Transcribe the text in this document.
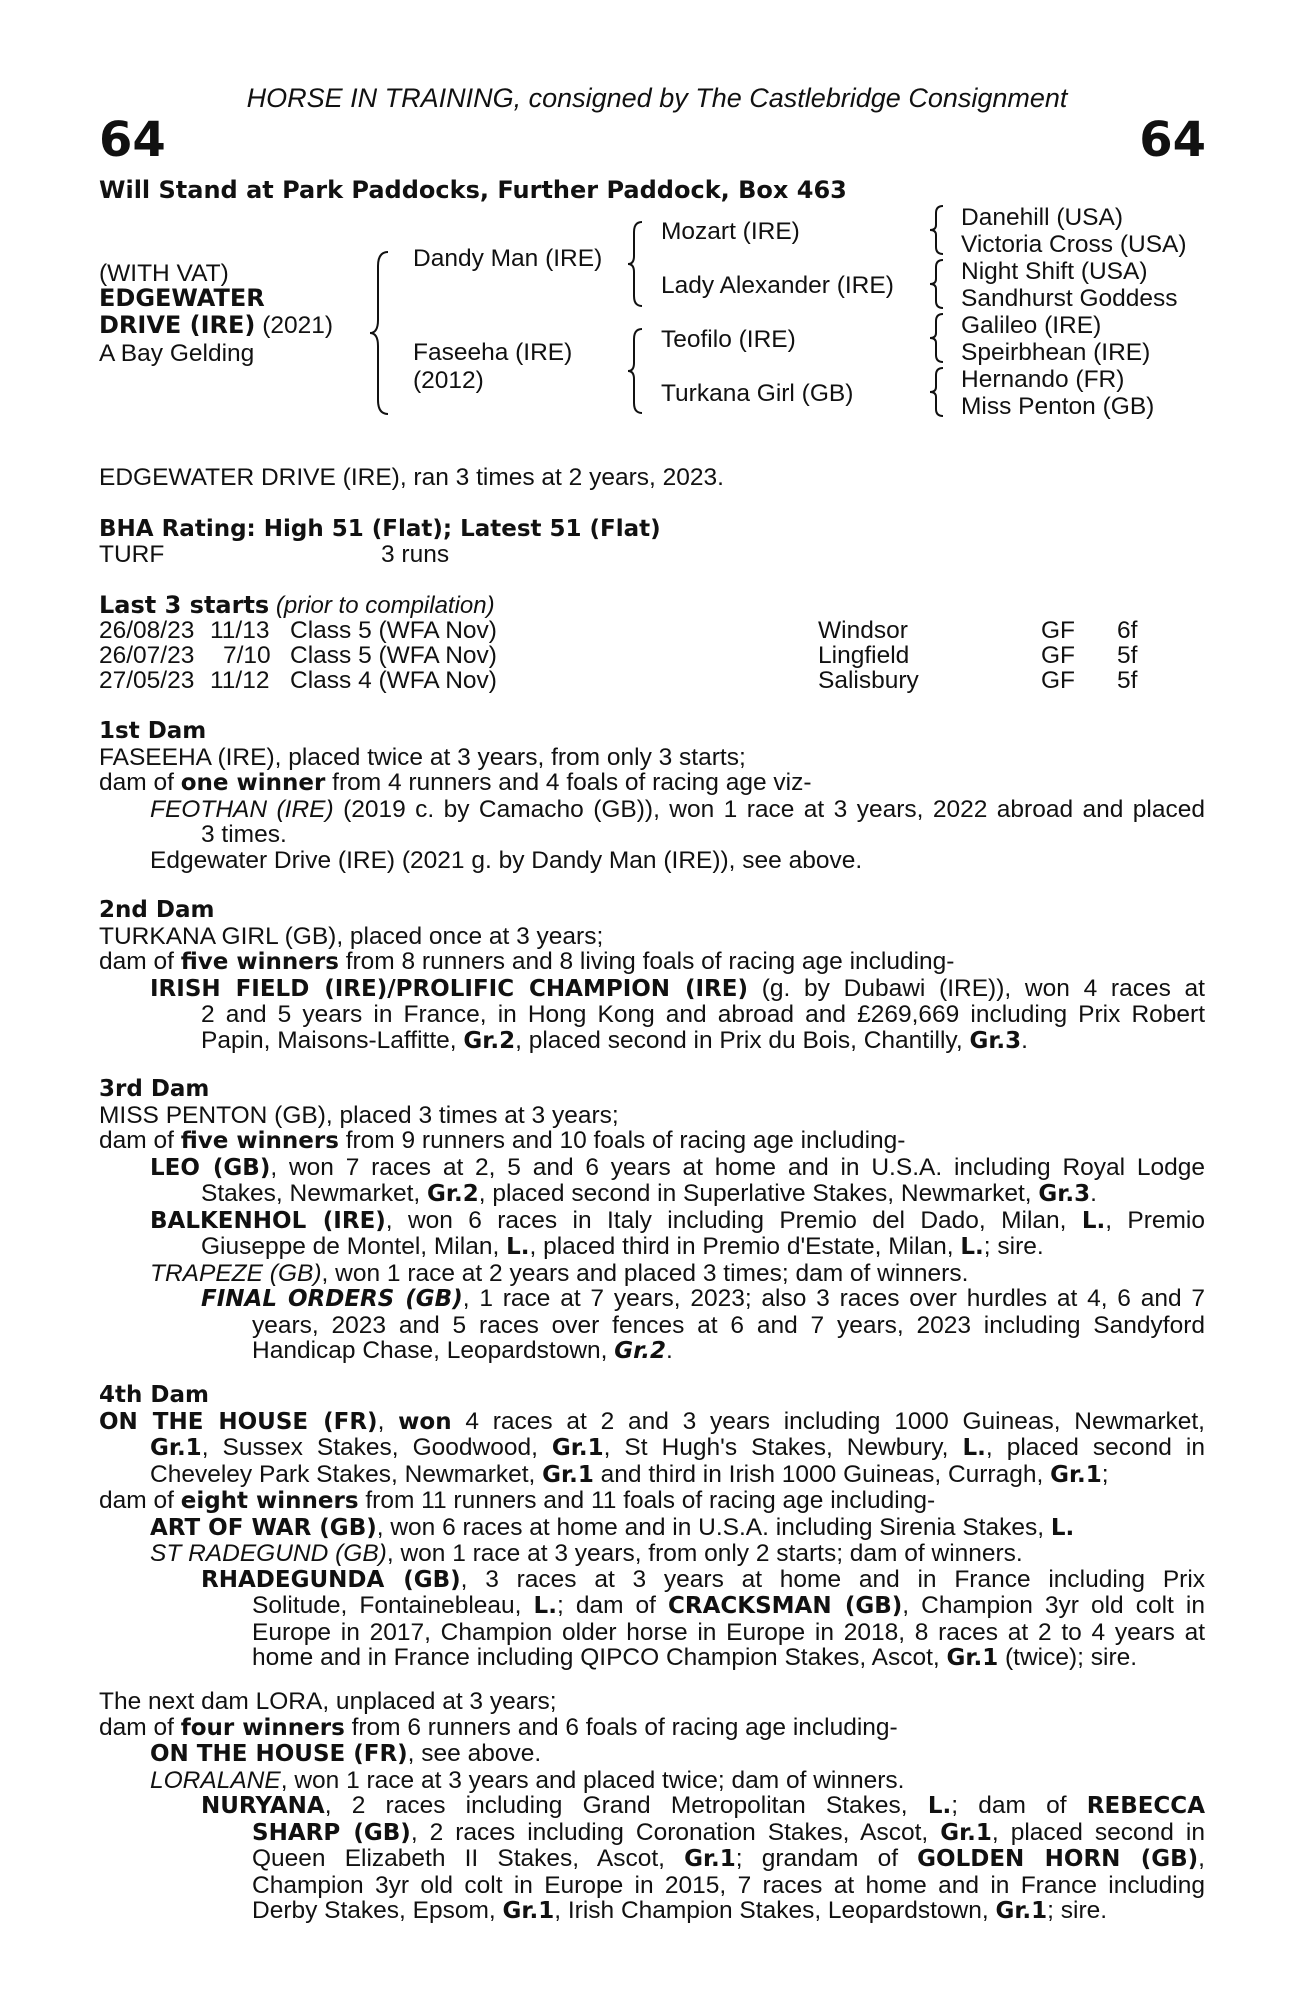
HORSE IN TRAINING, consigned by The Castlebridge Consignment
64	64
Will Stand at Park Paddocks, Further Paddock, Box 463
(WITH VAT)
EDGEWATER
DRIVE (IRE) (2021)
A Bay Gelding
Dandy Man (IRE)
Faseeha (IRE)
(2012)
Mozart (IRE)
Lady Alexander (IRE)
Teofilo (IRE)
Turkana Girl (GB)
Danehill (USA)
Victoria Cross (USA)
Night Shift (USA)
Sandhurst Goddess
Galileo (IRE)
Speirbhean (IRE)
Hernando (FR)
Miss Penton (GB)
EDGEWATER DRIVE (IRE), ran 3 times at 2 years, 2023.
BHA Rating: High 51 (Flat); Latest 51 (Flat)
TURF	3 runs
Last 3 starts (prior to compilation)
26/08/23 11/13 Class 5 (WFA Nov)	Windsor	GF 6f
26/07/23 7/10 Class 5 (WFA Nov)	Lingfield	GF 5f
27/05/23 11/12 Class 4 (WFA Nov)	Salisbury	GF 5f
1st Dam
FASEEHA (IRE), placed twice at 3 years, from only 3 starts;
dam of one winner from 4 runners and 4 foals of racing age viz-
FEOTHAN (IRE) (2019 c. by Camacho (GB)), won 1 race at 3 years, 2022 abroad and placed
3 times.
Edgewater Drive (IRE) (2021 g. by Dandy Man (IRE)), see above.
2nd Dam
TURKANA GIRL (GB), placed once at 3 years;
dam of five winners from 8 runners and 8 living foals of racing age including-
IRISH FIELD (IRE)/PROLIFIC CHAMPION (IRE) (g. by Dubawi (IRE)), won 4 races at
2 and 5 years in France, in Hong Kong and abroad and £269,669 including Prix Robert
Papin, Maisons-Laffitte, Gr.2, placed second in Prix du Bois, Chantilly, Gr.3.
3rd Dam
MISS PENTON (GB), placed 3 times at 3 years;
dam of five winners from 9 runners and 10 foals of racing age including-
LEO (GB), won 7 races at 2, 5 and 6 years at home and in U.S.A. including Royal Lodge
Stakes, Newmarket, Gr.2, placed second in Superlative Stakes, Newmarket, Gr.3.
BALKENHOL (IRE), won 6 races in Italy including Premio del Dado, Milan, L., Premio
Giuseppe de Montel, Milan, L., placed third in Premio d'Estate, Milan, L.; sire.
TRAPEZE (GB), won 1 race at 2 years and placed 3 times; dam of winners.
FINAL ORDERS (GB), 1 race at 7 years, 2023; also 3 races over hurdles at 4, 6 and 7
years, 2023 and 5 races over fences at 6 and 7 years, 2023 including Sandyford
Handicap Chase, Leopardstown, Gr.2.
4th Dam
ON THE HOUSE (FR), won 4 races at 2 and 3 years including 1000 Guineas, Newmarket,
Gr.1, Sussex Stakes, Goodwood, Gr.1, St Hugh's Stakes, Newbury, L., placed second in
Cheveley Park Stakes, Newmarket, Gr.1 and third in Irish 1000 Guineas, Curragh, Gr.1;
dam of eight winners from 11 runners and 11 foals of racing age including-
ART OF WAR (GB), won 6 races at home and in U.S.A. including Sirenia Stakes, L.
ST RADEGUND (GB), won 1 race at 3 years, from only 2 starts; dam of winners.
RHADEGUNDA (GB), 3 races at 3 years at home and in France including Prix
Solitude, Fontainebleau, L.; dam of CRACKSMAN (GB), Champion 3yr old colt in
Europe in 2017, Champion older horse in Europe in 2018, 8 races at 2 to 4 years at
home and in France including QIPCO Champion Stakes, Ascot, Gr.1 (twice); sire.
The next dam LORA, unplaced at 3 years;
dam of four winners from 6 runners and 6 foals of racing age including-
ON THE HOUSE (FR), see above.
LORALANE, won 1 race at 3 years and placed twice; dam of winners.
NURYANA, 2 races including Grand Metropolitan Stakes, L.; dam of REBECCA
SHARP (GB), 2 races including Coronation Stakes, Ascot, Gr.1, placed second in
Queen Elizabeth II Stakes, Ascot, Gr.1; grandam of GOLDEN HORN (GB),
Champion 3yr old colt in Europe in 2015, 7 races at home and in France including
Derby Stakes, Epsom, Gr.1, Irish Champion Stakes, Leopardstown, Gr.1; sire.
